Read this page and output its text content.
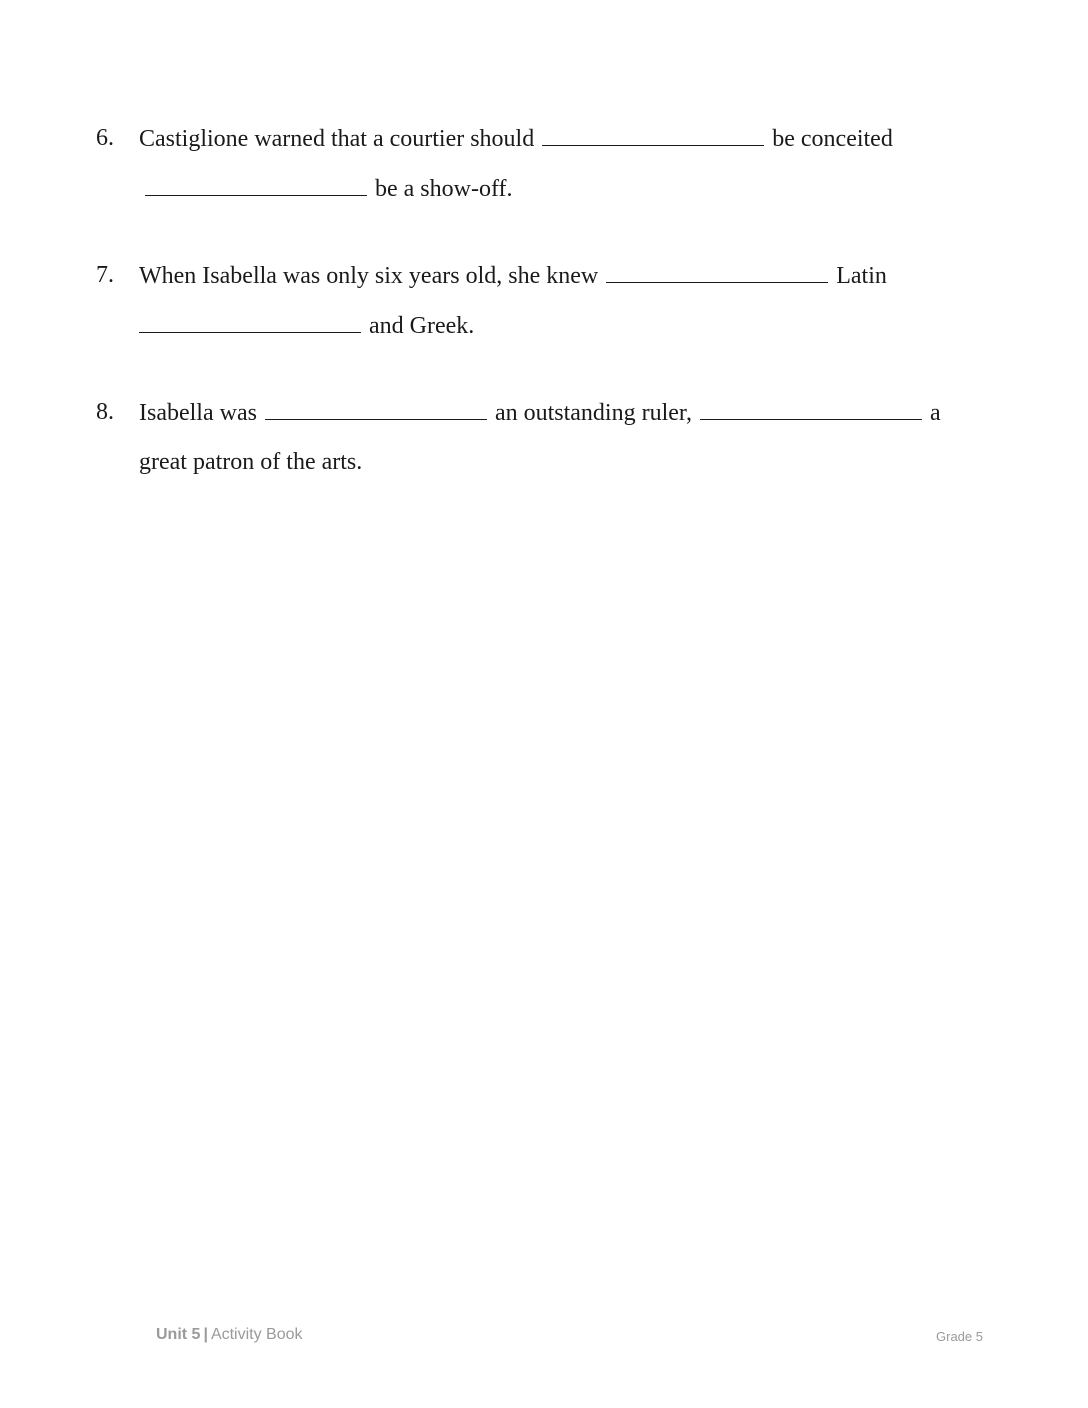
6. Castiglione warned that a courtier should	be conceited
be a show-off.
7. When Isabella was only six years old, she knew	Latin
and Greek.
8. Isabella was	an outstanding ruler,	a
great patron of the arts.
Unit 5 | Activity Book	Grade 5
